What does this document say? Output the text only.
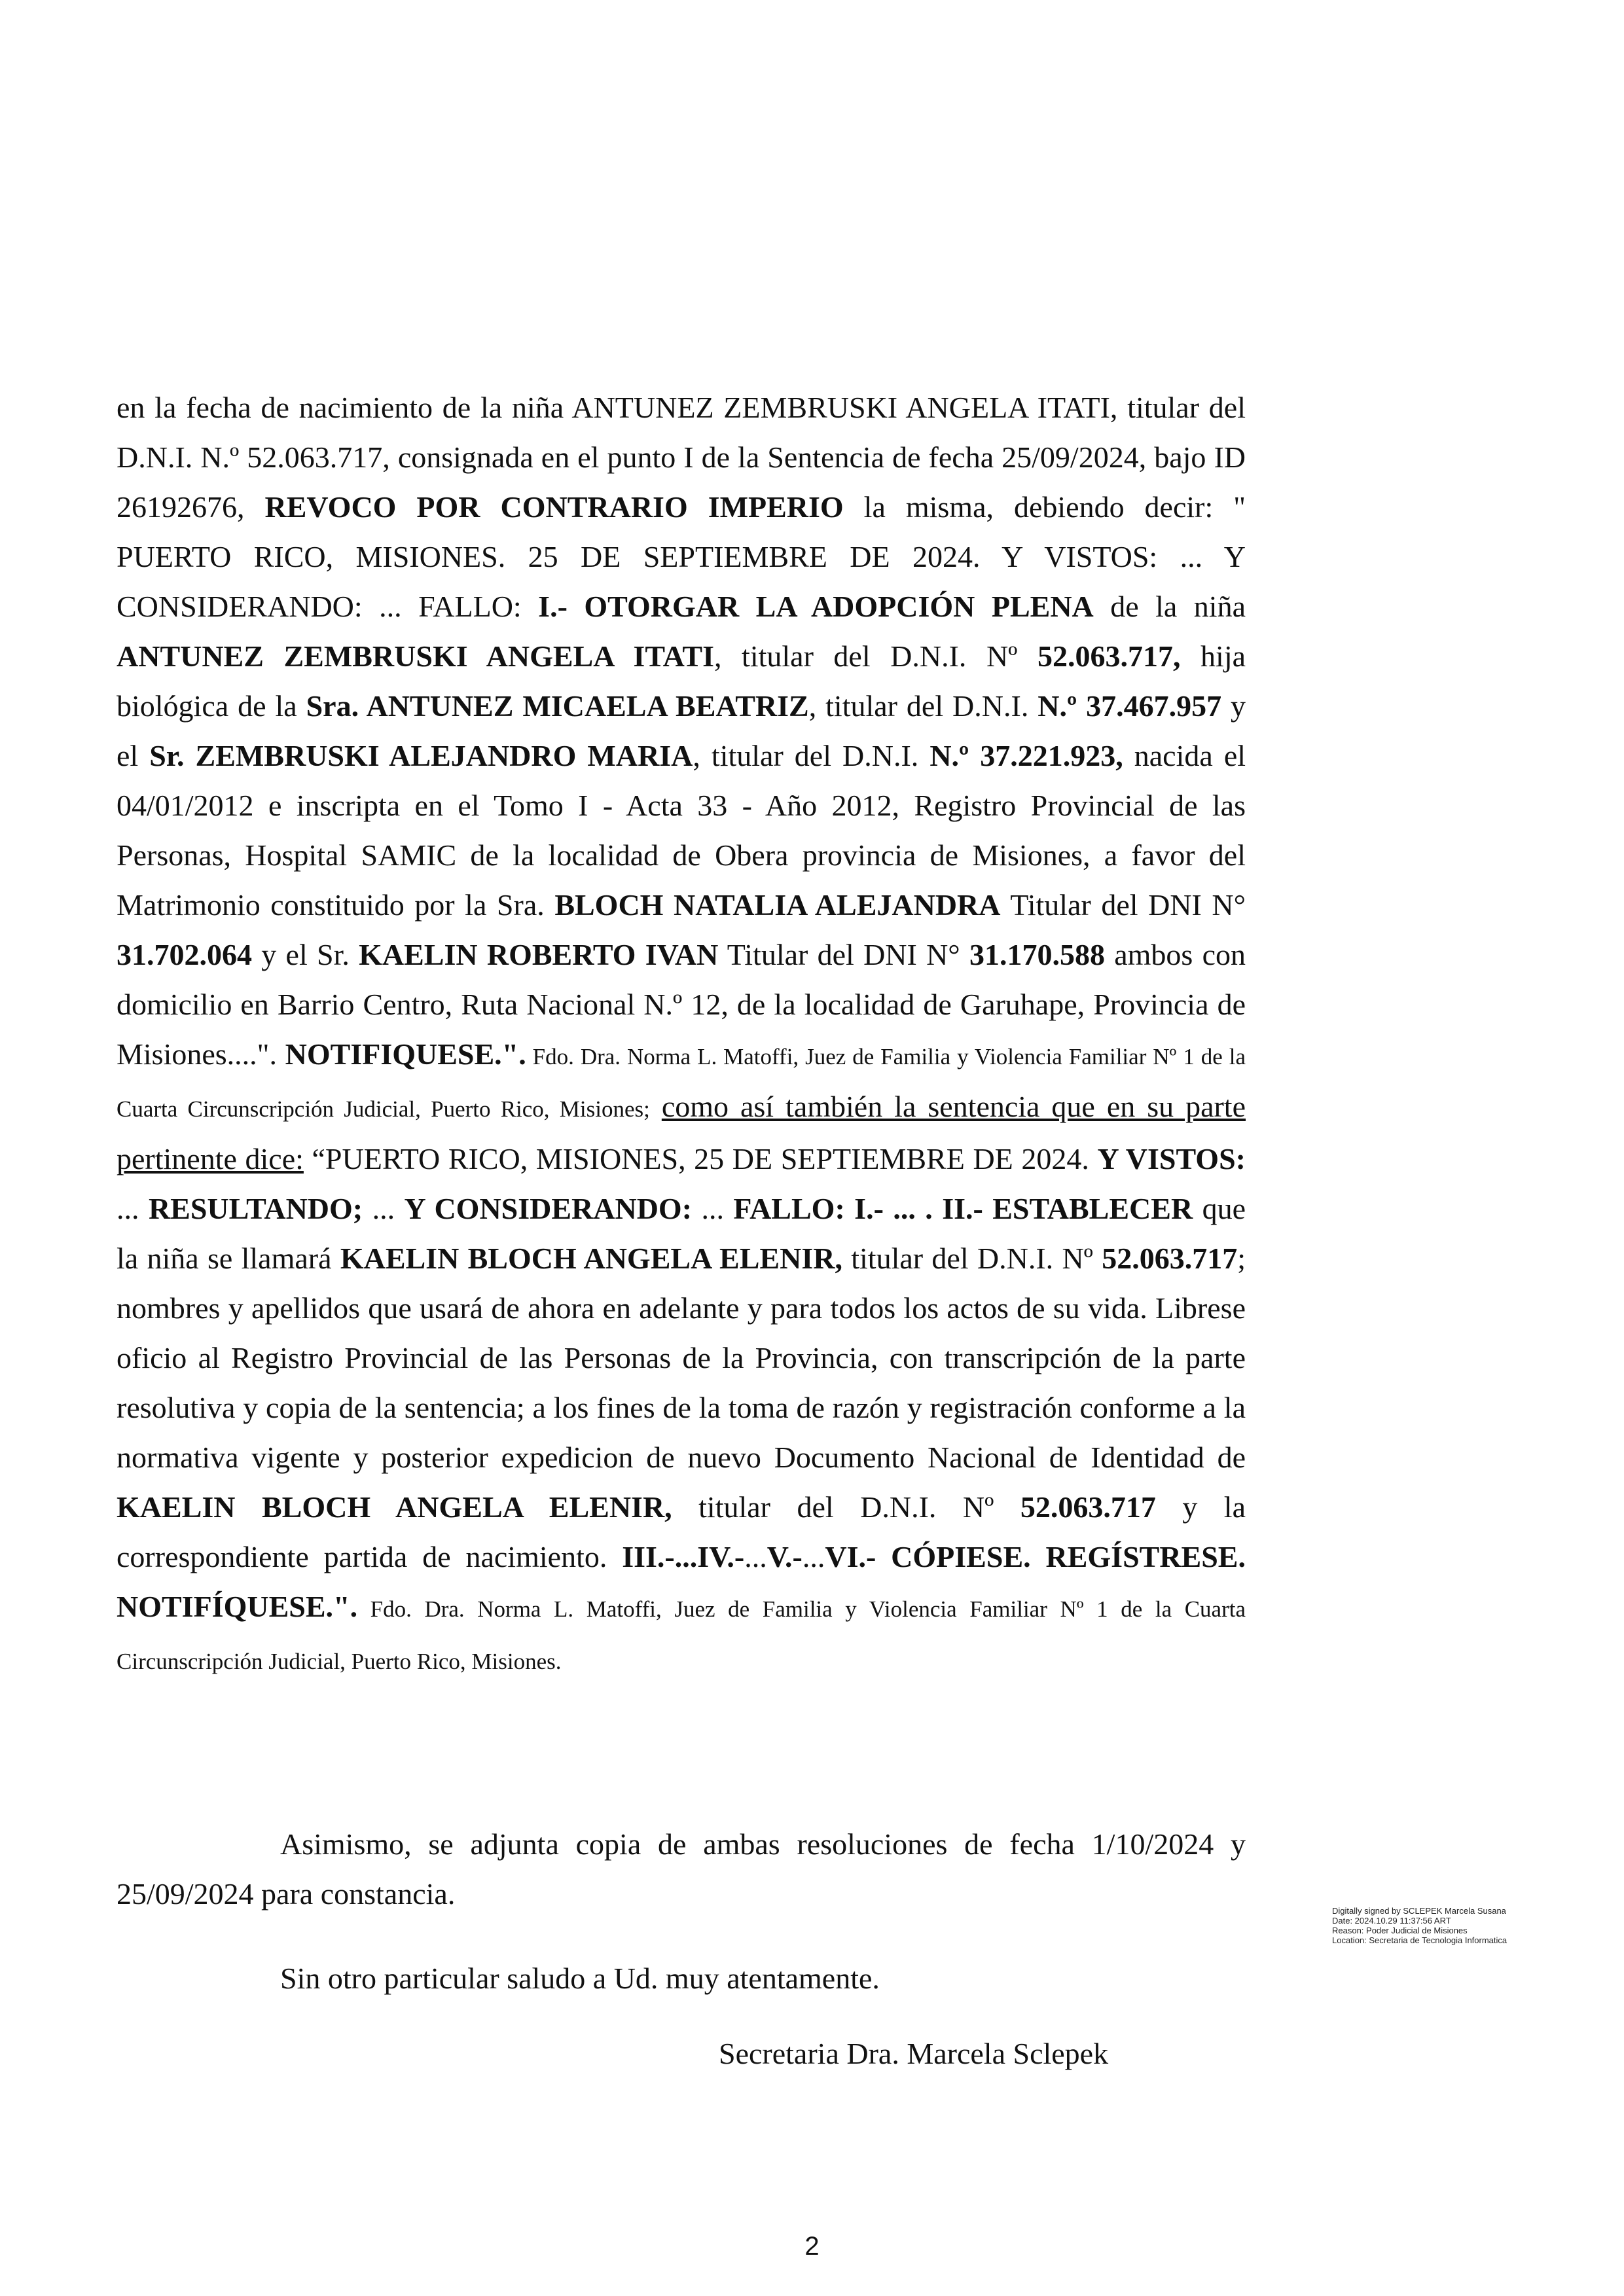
en la fecha de nacimiento de la niña ANTUNEZ ZEMBRUSKI ANGELA ITATI, titular del D.N.I. N.º 52.063.717, consignada en el punto I de la Sentencia de fecha 25/09/2024, bajo ID 26192676, REVOCO POR CONTRARIO IMPERIO la misma, debiendo decir: " PUERTO RICO, MISIONES. 25 DE SEPTIEMBRE DE 2024. Y VISTOS: ... Y CONSIDERANDO: ... FALLO: I.- OTORGAR LA ADOPCIÓN PLENA de la niña ANTUNEZ ZEMBRUSKI ANGELA ITATI, titular del D.N.I. Nº 52.063.717, hija biológica de la Sra. ANTUNEZ MICAELA BEATRIZ, titular del D.N.I. N.º 37.467.957 y el Sr. ZEMBRUSKI ALEJANDRO MARIA, titular del D.N.I. N.º 37.221.923, nacida el 04/01/2012 e inscripta en el Tomo I - Acta 33 - Año 2012, Registro Provincial de las Personas, Hospital SAMIC de la localidad de Obera provincia de Misiones, a favor del Matrimonio constituido por la Sra. BLOCH NATALIA ALEJANDRA Titular del DNI N° 31.702.064 y el Sr. KAELIN ROBERTO IVAN Titular del DNI N° 31.170.588 ambos con domicilio en Barrio Centro, Ruta Nacional N.º 12, de la localidad de Garuhape, Provincia de Misiones....". NOTIFIQUESE.". Fdo. Dra. Norma L. Matoffi, Juez de Familia y Violencia Familiar Nº 1 de la Cuarta Circunscripción Judicial, Puerto Rico, Misiones; como así también la sentencia que en su parte pertinente dice: “PUERTO RICO, MISIONES, 25 DE SEPTIEMBRE DE 2024. Y VISTOS: ... RESULTANDO; ... Y CONSIDERANDO: ... FALLO: I.- ... . II.- ESTABLECER que la niña se llamará KAELIN BLOCH ANGELA ELENIR, titular del D.N.I. Nº 52.063.717; nombres y apellidos que usará de ahora en adelante y para todos los actos de su vida. Librese oficio al Registro Provincial de las Personas de la Provincia, con transcripción de la parte resolutiva y copia de la sentencia; a los fines de la toma de razón y registración conforme a la normativa vigente y posterior expedicion de nuevo Documento Nacional de Identidad de KAELIN BLOCH ANGELA ELENIR, titular del D.N.I. Nº 52.063.717 y la correspondiente partida de nacimiento. III.-...IV.-...V.-...VI.- CÓPIESE. REGÍSTRESE. NOTIFÍQUESE.". Fdo. Dra. Norma L. Matoffi, Juez de Familia y Violencia Familiar Nº 1 de la Cuarta Circunscripción Judicial, Puerto Rico, Misiones.
Asimismo, se adjunta copia de ambas resoluciones de fecha 1/10/2024 y 25/09/2024 para constancia.
Sin otro particular saludo a Ud. muy atentamente.
Secretaria Dra. Marcela Sclepek
Digitally signed by SCLEPEK Marcela Susana
Date: 2024.10.29 11:37:56 ART
Reason: Poder Judicial de Misiones
Location: Secretaria de Tecnologia Informatica
2
